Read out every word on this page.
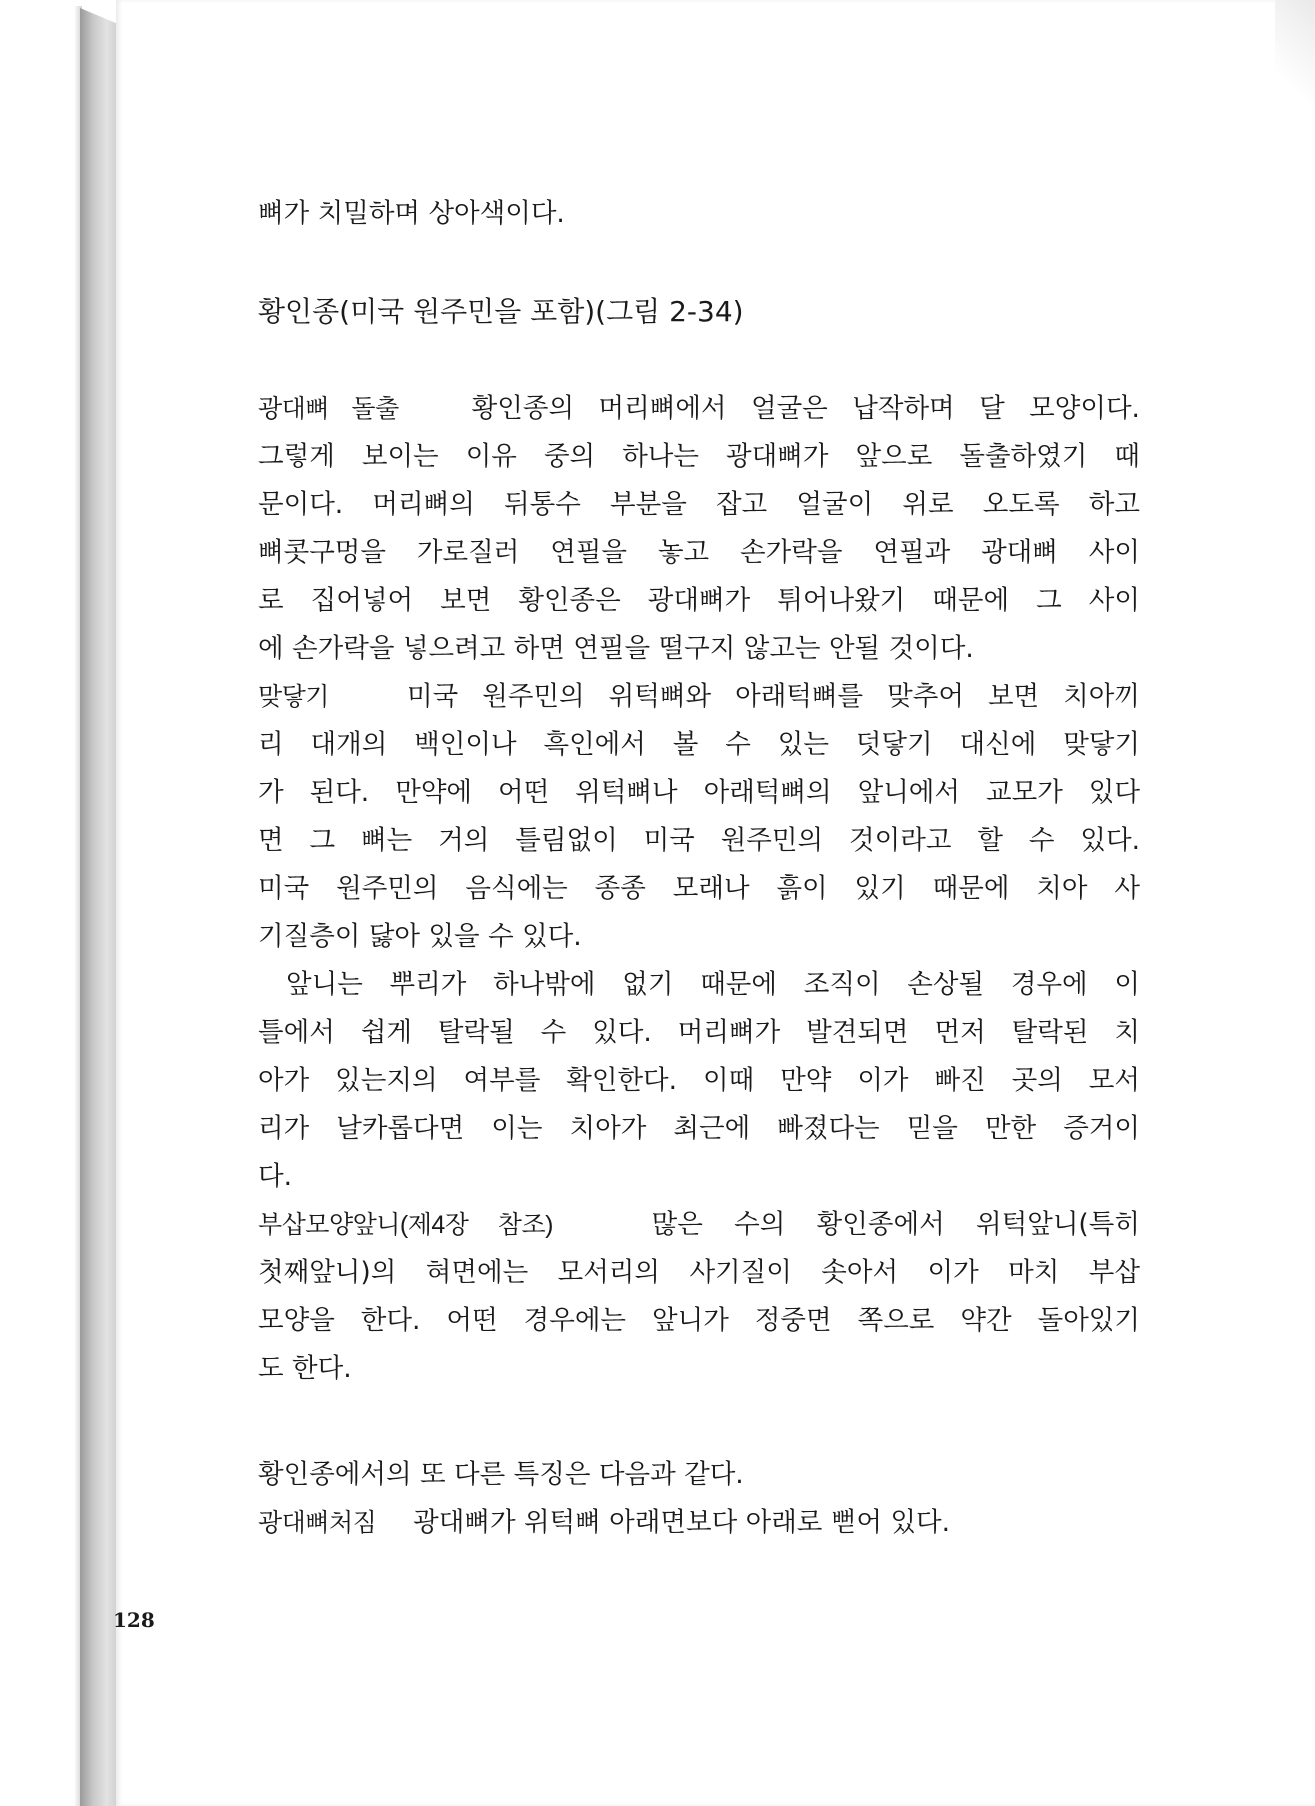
뼈가 치밀하며 상아색이다.
황인종(미국 원주민을 포함)(그림 2-34)
광대뼈 돌출	황인종의 머리뼈에서 얼굴은 납작하며 달 모양이다.
그렇게 보이는 이유 중의 하나는 광대뼈가 앞으로 돌출하였기 때
문이다. 머리뼈의 뒤통수 부분을 잡고 얼굴이 위로 오도록 하고
뼈콧구멍을 가로질러 연필을 놓고 손가락을 연필과 광대뼈 사이
로 집어넣어 보면 황인종은 광대뼈가 튀어나왔기 때문에 그 사이
에 손가락을 넣으려고 하면 연필을 떨구지 않고는 안될 것이다.
맞닿기	미국 원주민의 위턱뼈와 아래턱뼈를 맞추어 보면 치아끼
리 대개의 백인이나 흑인에서 볼 수 있는 덧닿기 대신에 맞닿기
가 된다. 만약에 어떤 위턱뼈나 아래턱뼈의 앞니에서 교모가 있다
면 그 뼈는 거의 틀림없이 미국 원주민의 것이라고 할 수 있다.
미국 원주민의 음식에는 종종 모래나 흙이 있기 때문에 치아 사
기질층이 닳아 있을 수 있다.
앞니는 뿌리가 하나밖에 없기 때문에 조직이 손상될 경우에 이
틀에서 쉽게 탈락될 수 있다. 머리뼈가 발견되면 먼저 탈락된 치
아가 있는지의 여부를 확인한다. 이때 만약 이가 빠진 곳의 모서
리가 날카롭다면 이는 치아가 최근에 빠졌다는 믿을 만한 증거이
다.
부삽모양앞니(제4장 참조)	많은 수의 황인종에서 위턱앞니(특히
첫째앞니)의 혀면에는 모서리의 사기질이 솟아서 이가 마치 부삽
모양을 한다. 어떤 경우에는 앞니가 정중면 쪽으로 약간 돌아있기
도 한다.
황인종에서의 또 다른 특징은 다음과 같다.
광대뼈처짐 광대뼈가 위턱뼈 아래면보다 아래로 뻗어 있다.
128
